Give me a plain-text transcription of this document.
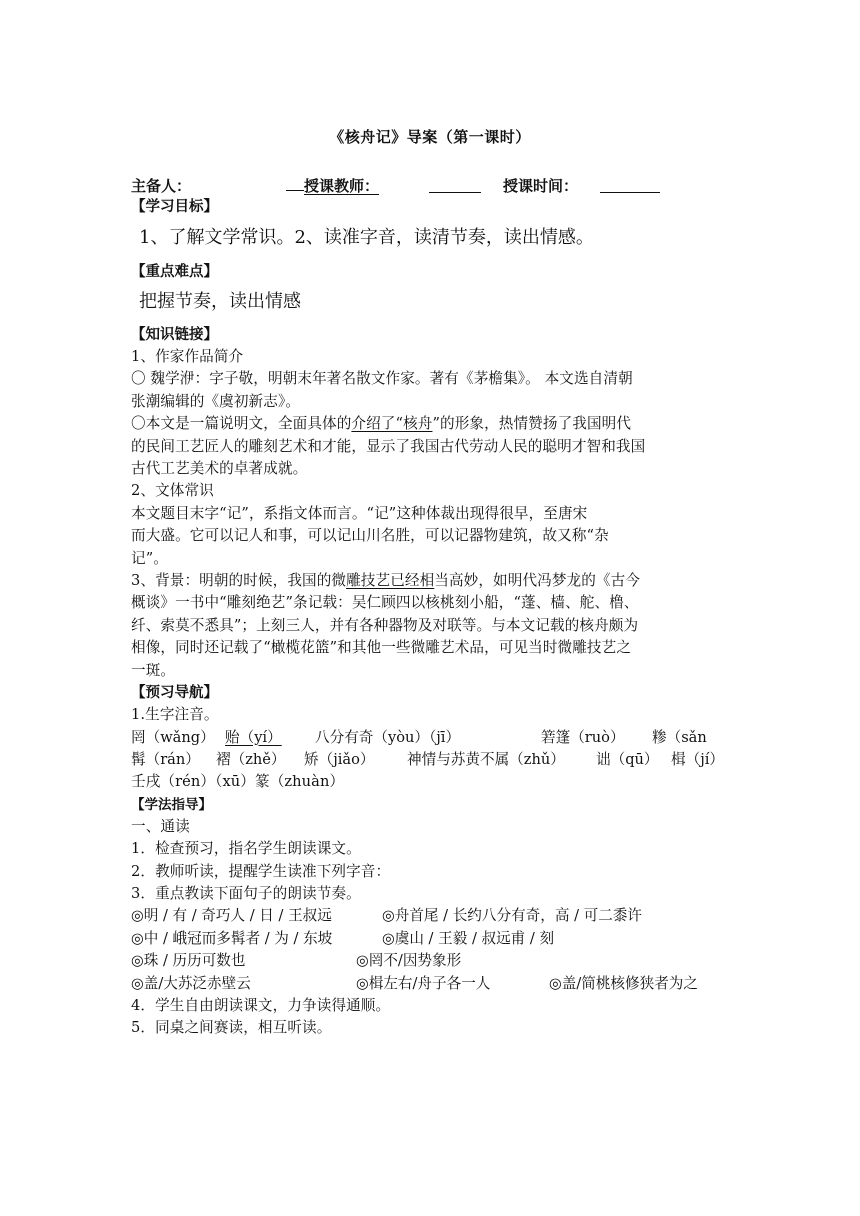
《核舟记》导案（第一课时）
主备人：	授课教师：	授课时间：

【学习目标】

1、了解文学常识。2、读准字音，读清节奏，读出情感。

【重点难点】

把握节奏，读出情感

【知识链接】

1、作家作品简介

〇 魏学洢：字子敬，明朝末年著名散文作家。著有《茅檐集》。 本文选自清朝

张潮编辑的《虞初新志》。

〇本文是一篇说明文，全面具体的介绍了“核舟”的形象，热情赞扬了我国明代

的民间工艺匠人的雕刻艺术和才能，显示了我国古代劳动人民的聪明才智和我国

古代工艺美术的卓著成就。

2、文体常识

本文题目末字“记”，系指文体而言。“记”这种体裁出现得很早，至唐宋

而大盛。它可以记人和事，可以记山川名胜，可以记器物建筑，故又称“杂

记”。

3、背景：明朝的时候，我国的微雕技艺已经相当高妙，如明代冯梦龙的《古今

概谈》一书中“雕刻绝艺”条记载：吴仁顾四以核桃刻小船，“蓬、樯、舵、橹、

纤、索莫不悉具”；上刻三人，并有各种器物及对联等。与本文记载的核舟颇为

相像，同时还记载了“橄榄花篮”和其他一些微雕艺术品，可见当时微雕技艺之

一斑。

【预习导航】

1.生字注音。

罔（wǎng） 贻（yí）	八分有奇（yòu）（jī）	箬篷（ruò）	糁（sǎn
髯（rán）	褶（zhě）	矫（jiǎo）	神情与苏黄不属（zhǔ）	诎（qū） 楫（jí）

壬戌（rén）（xū）篆（zhuàn）

【学法指导】

一、通读

1．检查预习，指名学生朗读课文。

2．教师听读，提醒学生读准下列字音：

3．重点教读下面句子的朗读节奏。

◎明 / 有 / 奇巧人 / 日 / 王叔远	◎舟首尾 / 长约八分有奇，高 / 可二黍许
◎中 / 峨冠而多髯者 / 为 / 东坡	◎虞山 / 王毅 / 叔远甫 / 刻
◎珠 / 历历可数也	◎罔不/因势象形
◎盖/大苏泛赤壁云	◎楫左右/舟子各一人	◎盖/简桃核修狭者为之

4．学生自由朗读课文，力争读得通顺。

5．同桌之间赛读，相互听读。
